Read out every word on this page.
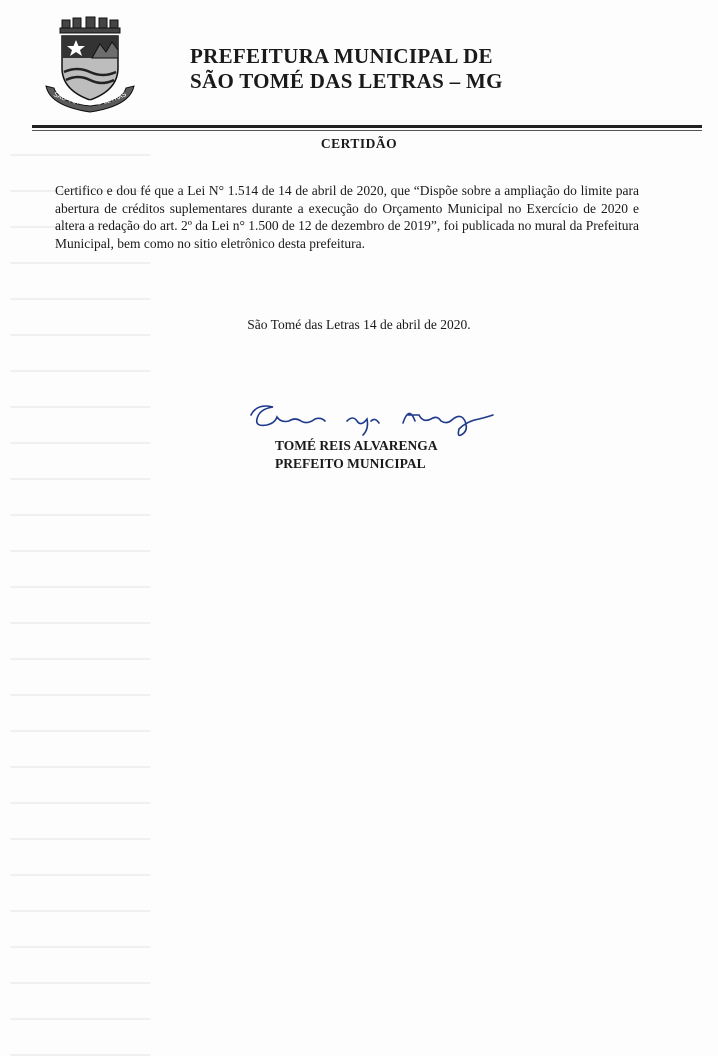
SÃO TOMÉ DAS LETRAS
PREFEITURA MUNICIPAL DE
SÃO TOMÉ DAS LETRAS – MG
CERTIDÃO
Certifico e dou fé que a Lei N° 1.514 de 14 de abril de 2020, que “Dispõe sobre a ampliação do limite para abertura de créditos suplementares durante a execução do Orçamento Municipal no Exercício de 2020 e altera a redação do art. 2º da Lei n° 1.500 de 12 de dezembro de 2019”, foi publicada no mural da Prefeitura Municipal, bem como no sitio eletrônico desta prefeitura.
São Tomé das Letras 14 de abril de 2020.
TOMÉ REIS ALVARENGA
PREFEITO MUNICIPAL
